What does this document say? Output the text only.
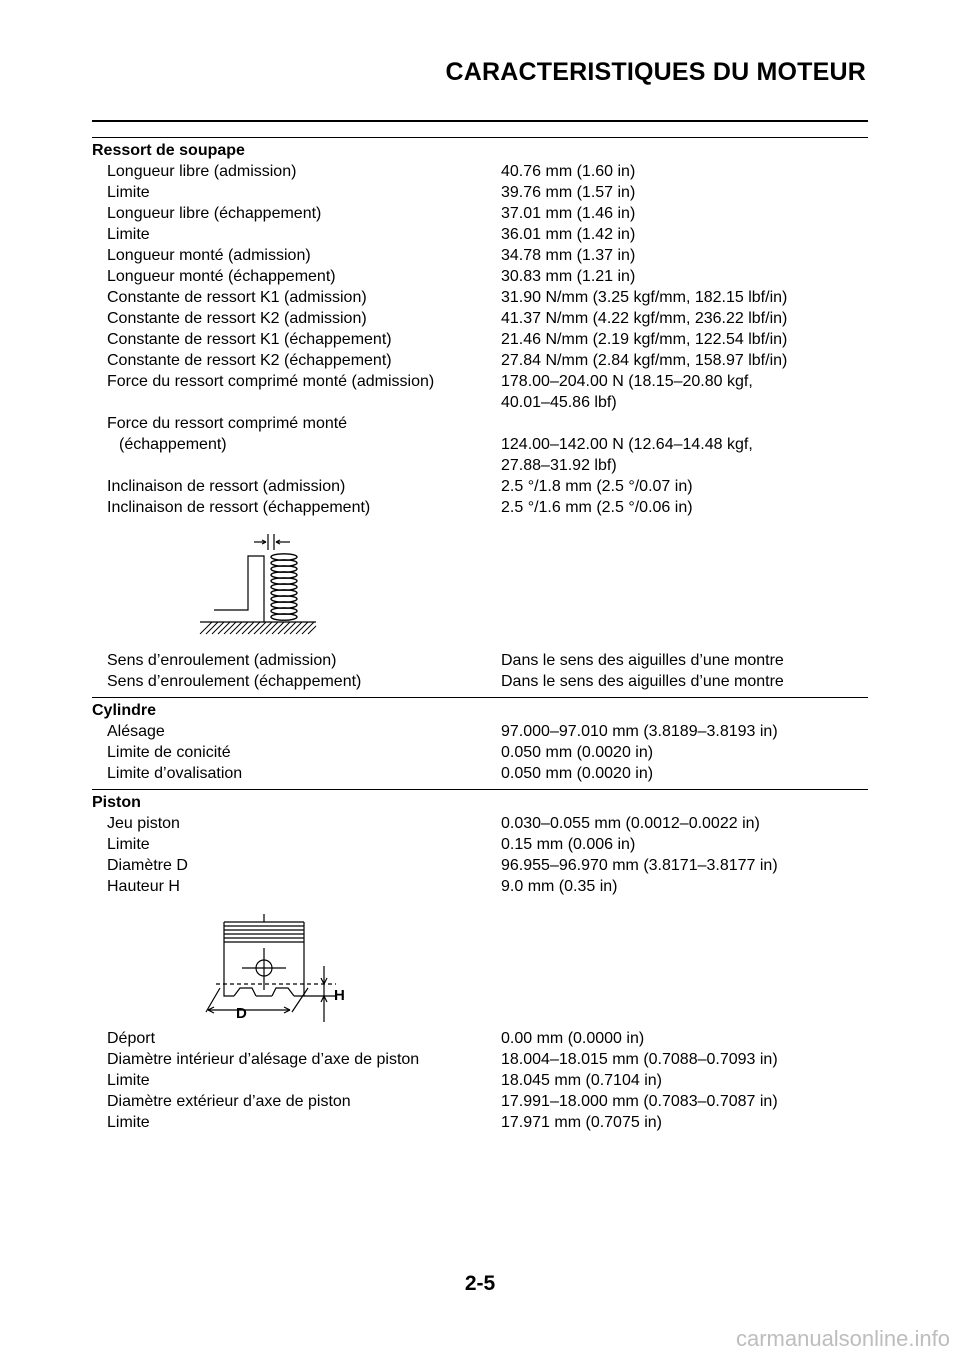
CARACTERISTIQUES DU MOTEUR
Ressort de soupape
Longueur libre (admission)	40.76 mm (1.60 in)
Limite	39.76 mm (1.57 in)
Longueur libre (échappement)	37.01 mm (1.46 in)
Limite	36.01 mm (1.42 in)
Longueur monté (admission)	34.78 mm (1.37 in)
Longueur monté (échappement)	30.83 mm (1.21 in)
Constante de ressort K1 (admission)	31.90 N/mm (3.25 kgf/mm, 182.15 lbf/in)
Constante de ressort K2 (admission)	41.37 N/mm (4.22 kgf/mm, 236.22 lbf/in)
Constante de ressort K1 (échappement)	21.46 N/mm (2.19 kgf/mm, 122.54 lbf/in)
Constante de ressort K2 (échappement)	27.84 N/mm (2.84 kgf/mm, 158.97 lbf/in)
Force du ressort comprimé monté (admission)	178.00–204.00 N (18.15–20.80 kgf,
40.01–45.86 lbf)
Force du ressort comprimé monté
(échappement)	124.00–142.00 N (12.64–14.48 kgf,
27.88–31.92 lbf)
Inclinaison de ressort (admission)	2.5 °/1.8 mm (2.5 °/0.07 in)
Inclinaison de ressort (échappement)	2.5 °/1.6 mm (2.5 °/0.06 in)
Sens d’enroulement (admission)	Dans le sens des aiguilles d’une montre
Sens d’enroulement (échappement)	Dans le sens des aiguilles d’une montre
Cylindre
Alésage	97.000–97.010 mm (3.8189–3.8193 in)
Limite de conicité	0.050 mm (0.0020 in)
Limite d’ovalisation	0.050 mm (0.0020 in)
Piston
Jeu piston	0.030–0.055 mm (0.0012–0.0022 in)
Limite	0.15 mm (0.006 in)
Diamètre D	96.955–96.970 mm (3.8171–3.8177 in)
Hauteur H	9.0 mm (0.35 in)
H
D
Déport	0.00 mm (0.0000 in)
Diamètre intérieur d’alésage d’axe de piston	18.004–18.015 mm (0.7088–0.7093 in)
Limite	18.045 mm (0.7104 in)
Diamètre extérieur d’axe de piston	17.991–18.000 mm (0.7083–0.7087 in)
Limite	17.971 mm (0.7075 in)
2-5
carmanualsonline.info
